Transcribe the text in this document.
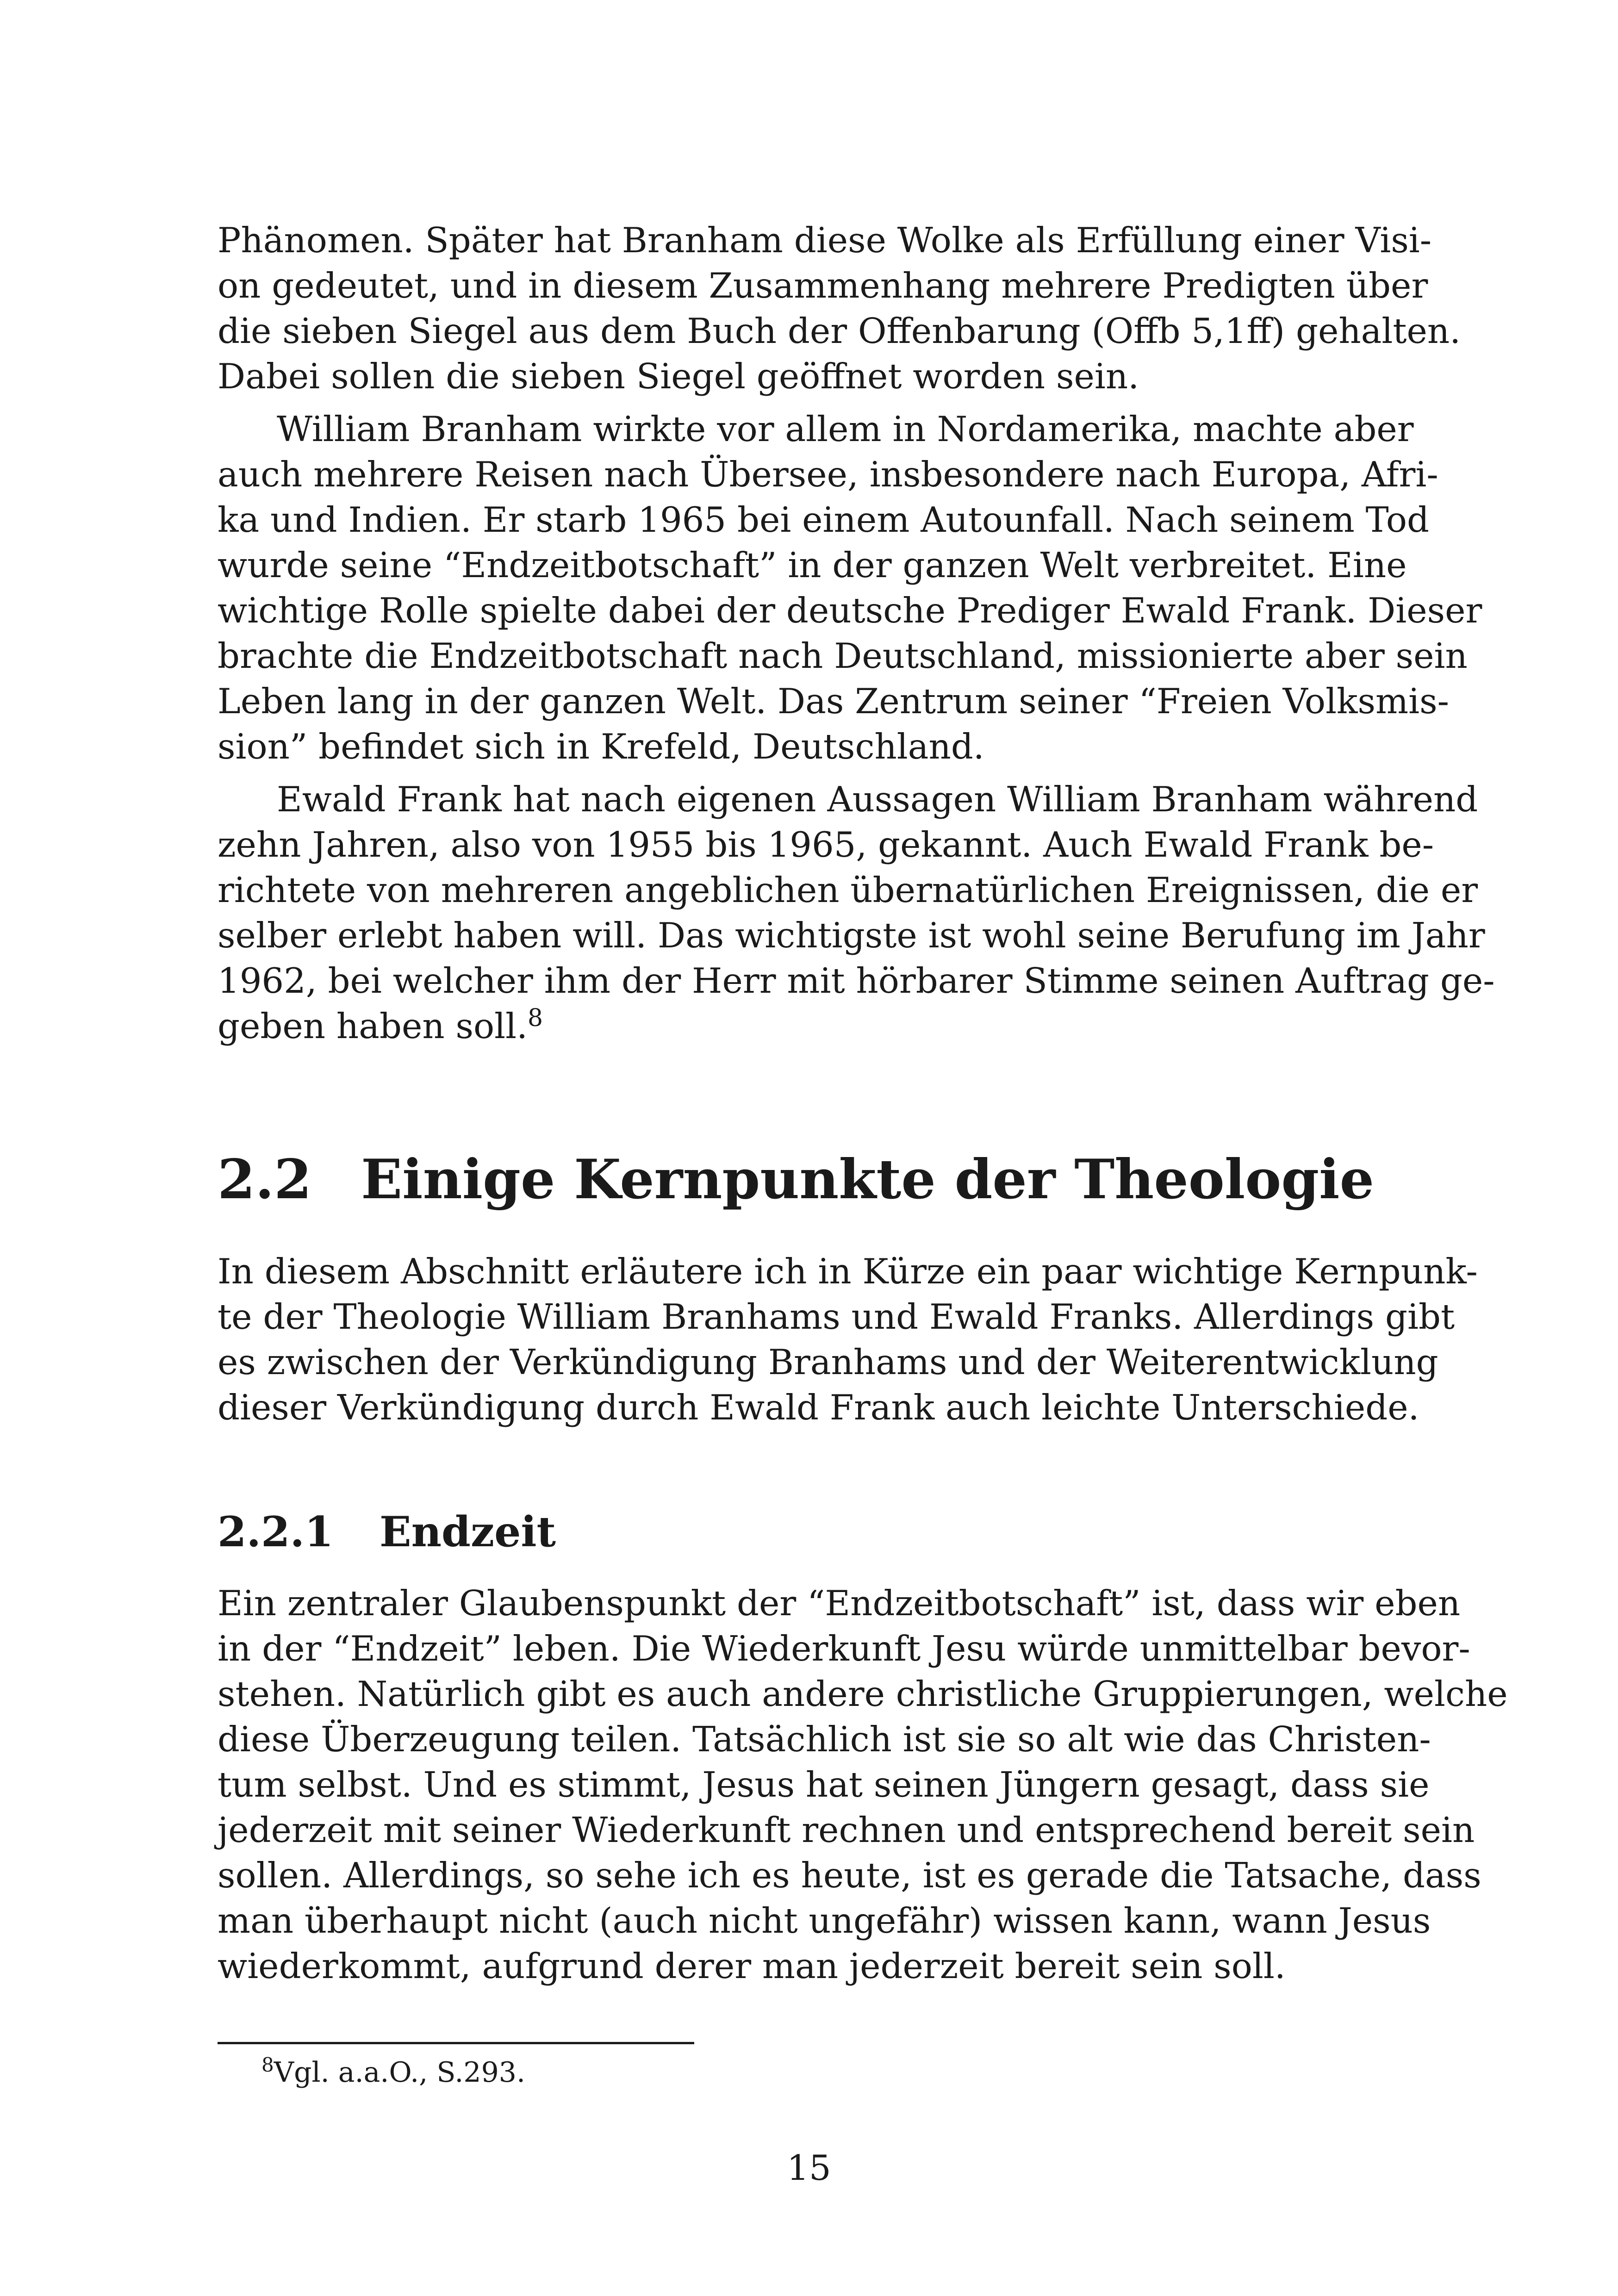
Phänomen. Später hat Branham diese Wolke als Erfüllung einer Visi-
on gedeutet, und in diesem Zusammenhang mehrere Predigten über
die sieben Siegel aus dem Buch der Offenbarung (Offb 5,1ff) gehalten.
Dabei sollen die sieben Siegel geöffnet worden sein.
William Branham wirkte vor allem in Nordamerika, machte aber
auch mehrere Reisen nach Übersee, insbesondere nach Europa, Afri-
ka und Indien. Er starb 1965 bei einem Autounfall. Nach seinem Tod
wurde seine “Endzeitbotschaft” in der ganzen Welt verbreitet. Eine
wichtige Rolle spielte dabei der deutsche Prediger Ewald Frank. Dieser
brachte die Endzeitbotschaft nach Deutschland, missionierte aber sein
Leben lang in der ganzen Welt. Das Zentrum seiner “Freien Volksmis-
sion” befindet sich in Krefeld, Deutschland.
Ewald Frank hat nach eigenen Aussagen William Branham während
zehn Jahren, also von 1955 bis 1965, gekannt. Auch Ewald Frank be-
richtete von mehreren angeblichen übernatürlichen Ereignissen, die er
selber erlebt haben will. Das wichtigste ist wohl seine Berufung im Jahr
1962, bei welcher ihm der Herr mit hörbarer Stimme seinen Auftrag ge-
geben haben soll.$^8$
2.2 Einige Kernpunkte der Theologie
In diesem Abschnitt erläutere ich in Kürze ein paar wichtige Kernpunk-
te der Theologie William Branhams und Ewald Franks. Allerdings gibt
es zwischen der Verkündigung Branhams und der Weiterentwicklung
dieser Verkündigung durch Ewald Frank auch leichte Unterschiede.
2.2.1 Endzeit
Ein zentraler Glaubenspunkt der “Endzeitbotschaft” ist, dass wir eben
in der “Endzeit” leben. Die Wiederkunft Jesu würde unmittelbar bevor-
stehen. Natürlich gibt es auch andere christliche Gruppierungen, welche
diese Überzeugung teilen. Tatsächlich ist sie so alt wie das Christen-
tum selbst. Und es stimmt, Jesus hat seinen Jüngern gesagt, dass sie
jederzeit mit seiner Wiederkunft rechnen und entsprechend bereit sein
sollen. Allerdings, so sehe ich es heute, ist es gerade die Tatsache, dass
man überhaupt nicht (auch nicht ungefähr) wissen kann, wann Jesus
wiederkommt, aufgrund derer man jederzeit bereit sein soll.
$^8$Vgl. a.a.O., S.293.
15
